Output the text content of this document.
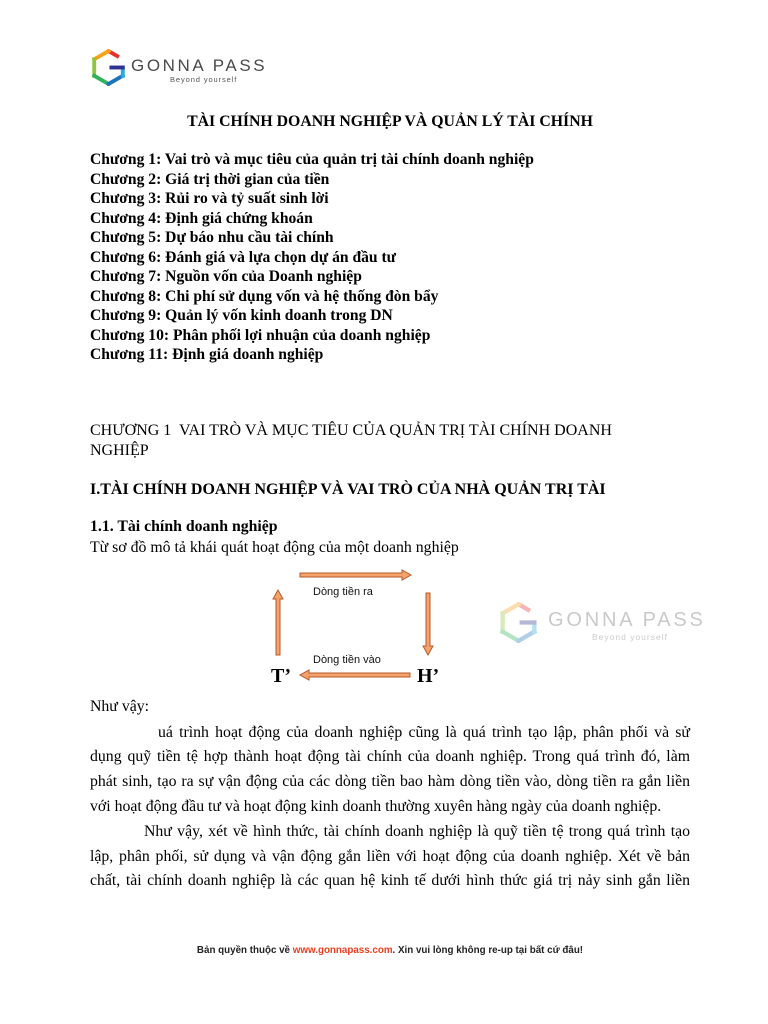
GONNA PASS
Beyond yourself
TÀI CHÍNH DOANH NGHIỆP VÀ QUẢN LÝ TÀI CHÍNH
Chương 1: Vai trò và mục tiêu của quản trị tài chính doanh nghiệp
Chương 2: Giá trị thời gian của tiền
Chương 3: Rủi ro và tỷ suất sinh lời
Chương 4: Định giá chứng khoán
Chương 5: Dự báo nhu cầu tài chính
Chương 6: Đánh giá và lựa chọn dự án đầu tư
Chương 7: Nguồn vốn của Doanh nghiệp
Chương 8: Chi phí sử dụng vốn và hệ thống đòn bẩy
Chương 9: Quản lý vốn kinh doanh trong DN
Chương 10: Phân phối lợi nhuận của doanh nghiệp
Chương 11: Định giá doanh nghiệp
CHƯƠNG 1  VAI TRÒ VÀ MỤC TIÊU CỦA QUẢN TRỊ TÀI CHÍNH DOANH
NGHIỆP
I.TÀI CHÍNH DOANH NGHIỆP VÀ VAI TRÒ CỦA NHÀ QUẢN TRỊ TÀI
1.1. Tài chính doanh nghiệp
Từ sơ đồ mô tả khái quát hoạt động của một doanh nghiệp
Dòng tiền ra
Dòng tiền vào
T’	H’
GONNA PASS
Beyond yourself
Như vậy:
uá trình hoạt động của doanh nghiệp cũng là quá trình tạo lập, phân phối và sử
dụng quỹ tiền tệ hợp thành hoạt động tài chính của doanh nghiệp. Trong quá trình đó, làm
phát sinh, tạo ra sự vận động của các dòng tiền bao hàm dòng tiền vào, dòng tiền ra gắn liền
với hoạt động đầu tư và hoạt động kinh doanh thường xuyên hàng ngày của doanh nghiệp.
Như vậy, xét về hình thức, tài chính doanh nghiệp là quỹ tiền tệ trong quá trình tạo
lập, phân phối, sử dụng và vận động gắn liền với hoạt động của doanh nghiệp. Xét về bản
chất, tài chính doanh nghiệp là các quan hệ kinh tế dưới hình thức giá trị nảy sinh gắn liền
Bản quyền thuộc về www.gonnapass.com. Xin vui lòng không re-up tại bất cứ đâu!
